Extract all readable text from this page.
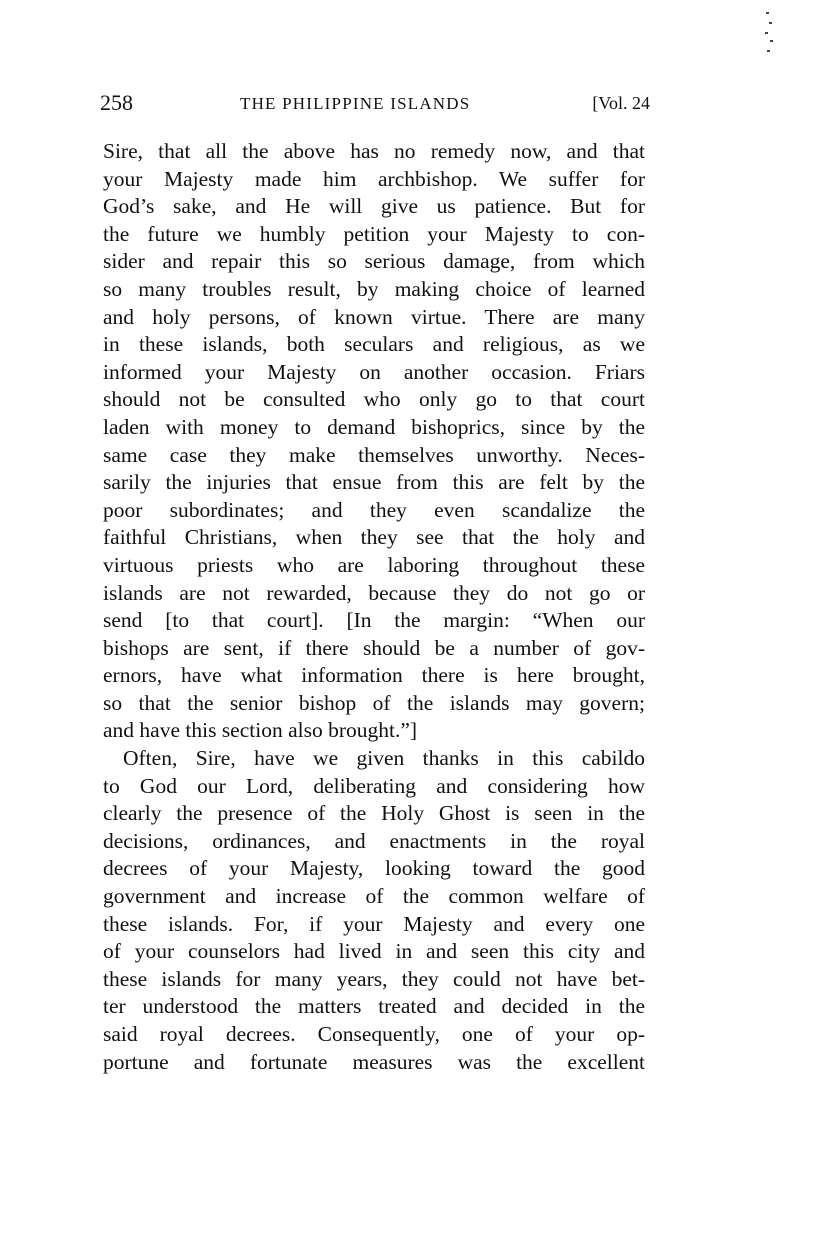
258	THE PHILIPPINE ISLANDS	[Vol. 24
Sire, that all the above has no remedy now, and that
your Majesty made him archbishop. We suffer for
God’s sake, and He will give us patience. But for
the future we humbly petition your Majesty to con-
sider and repair this so serious damage, from which
so many troubles result, by making choice of learned
and holy persons, of known virtue. There are many
in these islands, both seculars and religious, as we
informed your Majesty on another occasion. Friars
should not be consulted who only go to that court
laden with money to demand bishoprics, since by the
same case they make themselves unworthy. Neces-
sarily the injuries that ensue from this are felt by the
poor subordinates; and they even scandalize the
faithful Christians, when they see that the holy and
virtuous priests who are laboring throughout these
islands are not rewarded, because they do not go or
send [to that court]. [In the margin: “When our
bishops are sent, if there should be a number of gov-
ernors, have what information there is here brought,
so that the senior bishop of the islands may govern;
and have this section also brought.”]
Often, Sire, have we given thanks in this cabildo
to God our Lord, deliberating and considering how
clearly the presence of the Holy Ghost is seen in the
decisions, ordinances, and enactments in the royal
decrees of your Majesty, looking toward the good
government and increase of the common welfare of
these islands. For, if your Majesty and every one
of your counselors had lived in and seen this city and
these islands for many years, they could not have bet-
ter understood the matters treated and decided in the
said royal decrees. Consequently, one of your op-
portune and fortunate measures was the excellent
